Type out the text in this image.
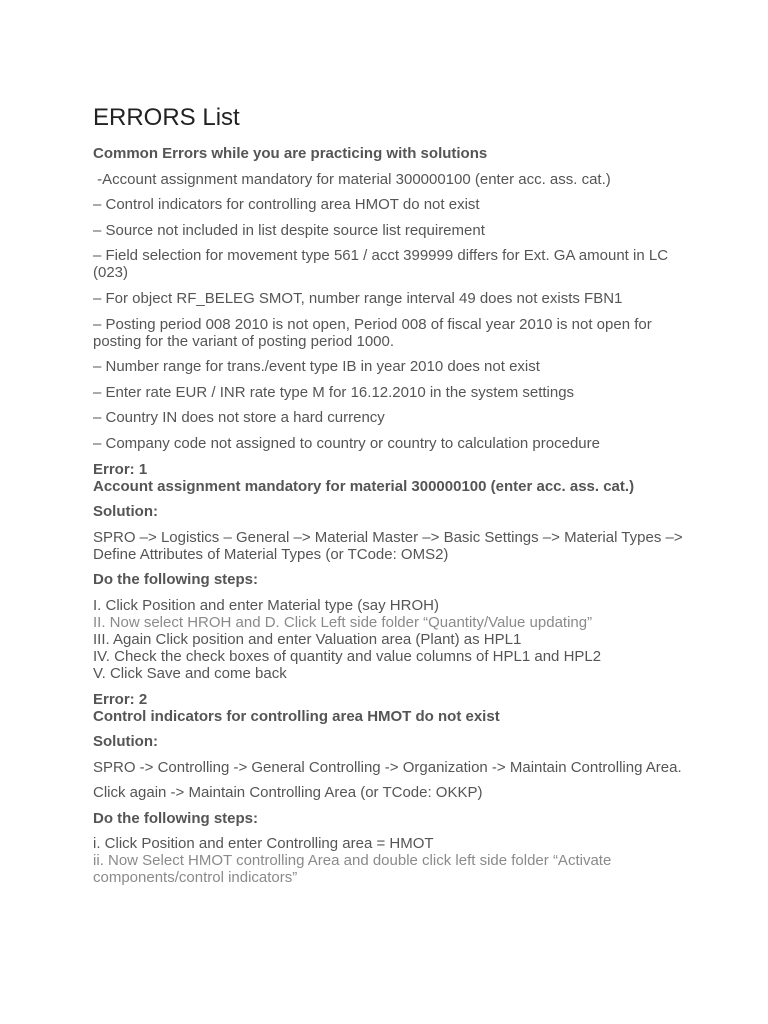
ERRORS List

Common Errors while you are practicing with solutions

-Account assignment mandatory for material 300000100 (enter acc. ass. cat.)

– Control indicators for controlling area HMOT do not exist

– Source not included in list despite source list requirement

– Field selection for movement type 561 / acct 399999 differs for Ext. GA amount in LC (023)

– For object RF_BELEG SMOT, number range interval 49 does not exists FBN1

– Posting period 008 2010 is not open, Period 008 of fiscal year 2010 is not open for posting for the variant of posting period 1000.

– Number range for trans./event type IB in year 2010 does not exist

– Enter rate EUR / INR rate type M for 16.12.2010 in the system settings

– Country IN does not store a hard currency

– Company code not assigned to country or country to calculation procedure

Error: 1

Account assignment mandatory for material 300000100 (enter acc. ass. cat.)

Solution:

SPRO –> Logistics – General –> Material Master –> Basic Settings –> Material Types –> Define Attributes of Material Types (or TCode: OMS2)

Do the following steps:

I. Click Position and enter Material type (say HROH)
II. Now select HROH and D. Click Left side folder “Quantity/Value updating”
III. Again Click position and enter Valuation area (Plant) as HPL1
IV. Check the check boxes of quantity and value columns of HPL1 and HPL2
V. Click Save and come back

Error: 2

Control indicators for controlling area HMOT do not exist

Solution:

SPRO -> Controlling -> General Controlling -> Organization -> Maintain Controlling Area.

Click again -> Maintain Controlling Area (or TCode: OKKP)

Do the following steps:

i. Click Position and enter Controlling area = HMOT
ii. Now Select HMOT controlling Area and double click left side folder “Activate components/control indicators”
